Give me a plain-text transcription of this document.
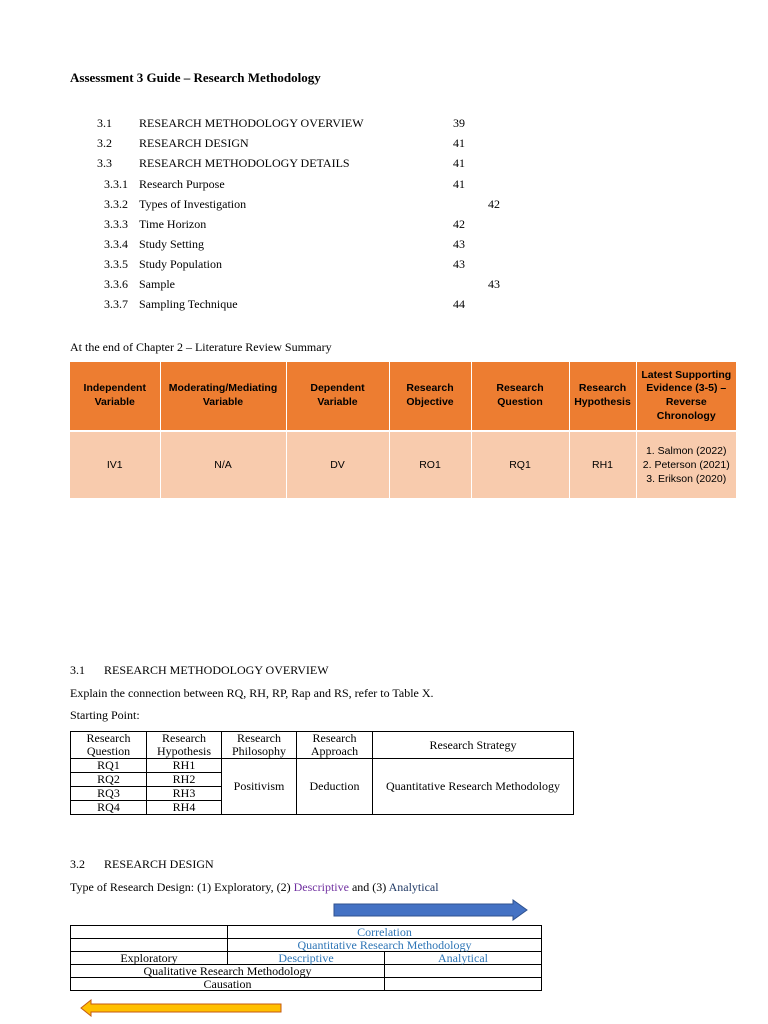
Assessment 3 Guide – Research Methodology
3.1 RESEARCH METHODOLOGY OVERVIEW	39
3.2 RESEARCH DESIGN	41
3.3 RESEARCH METHODOLOGY DETAILS	41
3.3.1 Research Purpose	41
3.3.2 Types of Investigation	42
3.3.3 Time Horizon	42
3.3.4 Study Setting	43
3.3.5 Study Population	43
3.3.6 Sample	43
3.3.7 Sampling Technique	44
At the end of Chapter 2 – Literature Review Summary
Independent Variable	Moderating/Mediating Variable	Dependent Variable	Research Objective	Research Question	Research Hypothesis	Latest Supporting Evidence (3-5) – Reverse Chronology
IV1	N/A	DV	RO1	RQ1	RH1	1. Salmon (2022)
2. Peterson (2021)
3. Erikson (2020)
3.1 RESEARCH METHODOLOGY OVERVIEW
Explain the connection between RQ, RH, RP, Rap and RS, refer to Table X.
Starting Point:
Research Question	Research Hypothesis	Research Philosophy	Research Approach	Research Strategy
RQ1	RH1	Positivism	Deduction	Quantitative Research Methodology
RQ2	RH2			
RQ3	RH3			
RQ4	RH4			
3.2 RESEARCH DESIGN
Type of Research Design: (1) Exploratory, (2) Descriptive and (3) Analytical
	Correlation	
	Quantitative Research Methodology	
Exploratory	Descriptive	Analytical
Qualitative Research Methodology		
Causation		
